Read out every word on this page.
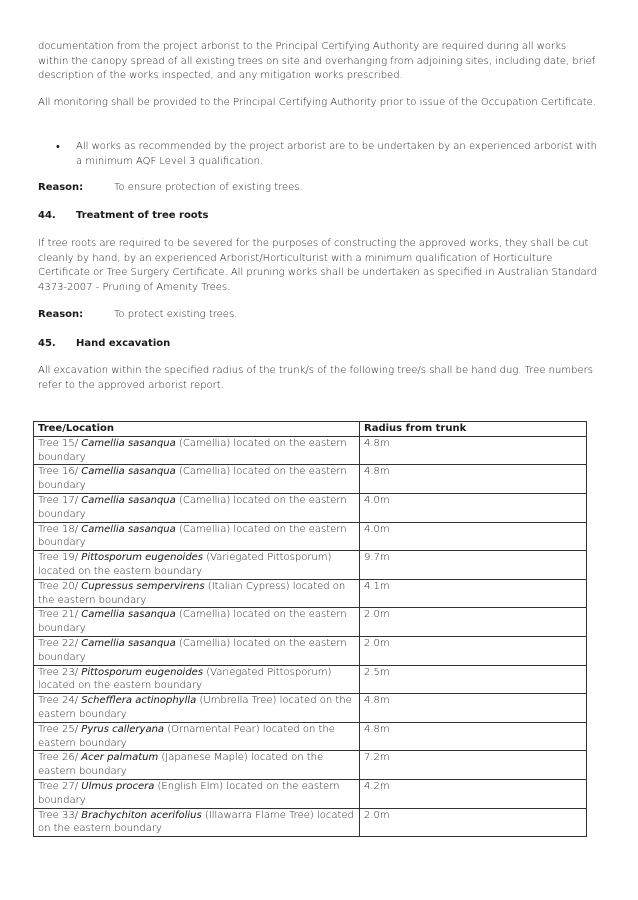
documentation from the project arborist to the Principal Certifying Authority are required during all works within the canopy spread of all existing trees on site and overhanging from adjoining sites, including date, brief description of the works inspected, and any mitigation works prescribed.

All monitoring shall be provided to the Principal Certifying Authority prior to issue of the Occupation Certificate.

•	All works as recommended by the project arborist are to be undertaken by an experienced arborist with a minimum AQF Level 3 qualification.
Reason:	To ensure protection of existing trees.
44. Treatment of tree roots

If tree roots are required to be severed for the purposes of constructing the approved works, they shall be cut cleanly by hand, by an experienced Arborist/Horticulturist with a minimum qualification of Horticulture Certificate or Tree Surgery Certificate. All pruning works shall be undertaken as specified in Australian Standard 4373-2007 - Pruning of Amenity Trees.

Reason:	To protect existing trees.
45. Hand excavation

All excavation within the specified radius of the trunk/s of the following tree/s shall be hand dug. Tree numbers refer to the approved arborist report.

Tree/Location	Radius from trunk
Tree 15/ Camellia sasanqua (Camellia) located on the eastern boundary	4.8m
Tree 16/ Camellia sasanqua (Camellia) located on the eastern boundary	4.8m
Tree 17/ Camellia sasanqua (Camellia) located on the eastern boundary	4.0m
Tree 18/ Camellia sasanqua (Camellia) located on the eastern boundary	4.0m
Tree 19/ Pittosporum eugenoides (Variegated Pittosporum) located on the eastern boundary	9.7m
Tree 20/ Cupressus sempervirens (Italian Cypress) located on the eastern boundary	4.1m
Tree 21/ Camellia sasanqua (Camellia) located on the eastern boundary	2.0m
Tree 22/ Camellia sasanqua (Camellia) located on the eastern boundary	2.0m
Tree 23/ Pittosporum eugenoides (Variegated Pittosporum) located on the eastern boundary	2.5m
Tree 24/ Schefflera actinophylla (Umbrella Tree) located on the eastern boundary	4.8m
Tree 25/ Pyrus calleryana (Ornamental Pear) located on the eastern boundary	4.8m
Tree 26/ Acer palmatum (Japanese Maple) located on the eastern boundary	7.2m
Tree 27/ Ulmus procera (English Elm) located on the eastern boundary	4.2m
Tree 33/ Brachychiton acerifolius (Illawarra Flame Tree) located on the eastern boundary	2.0m
